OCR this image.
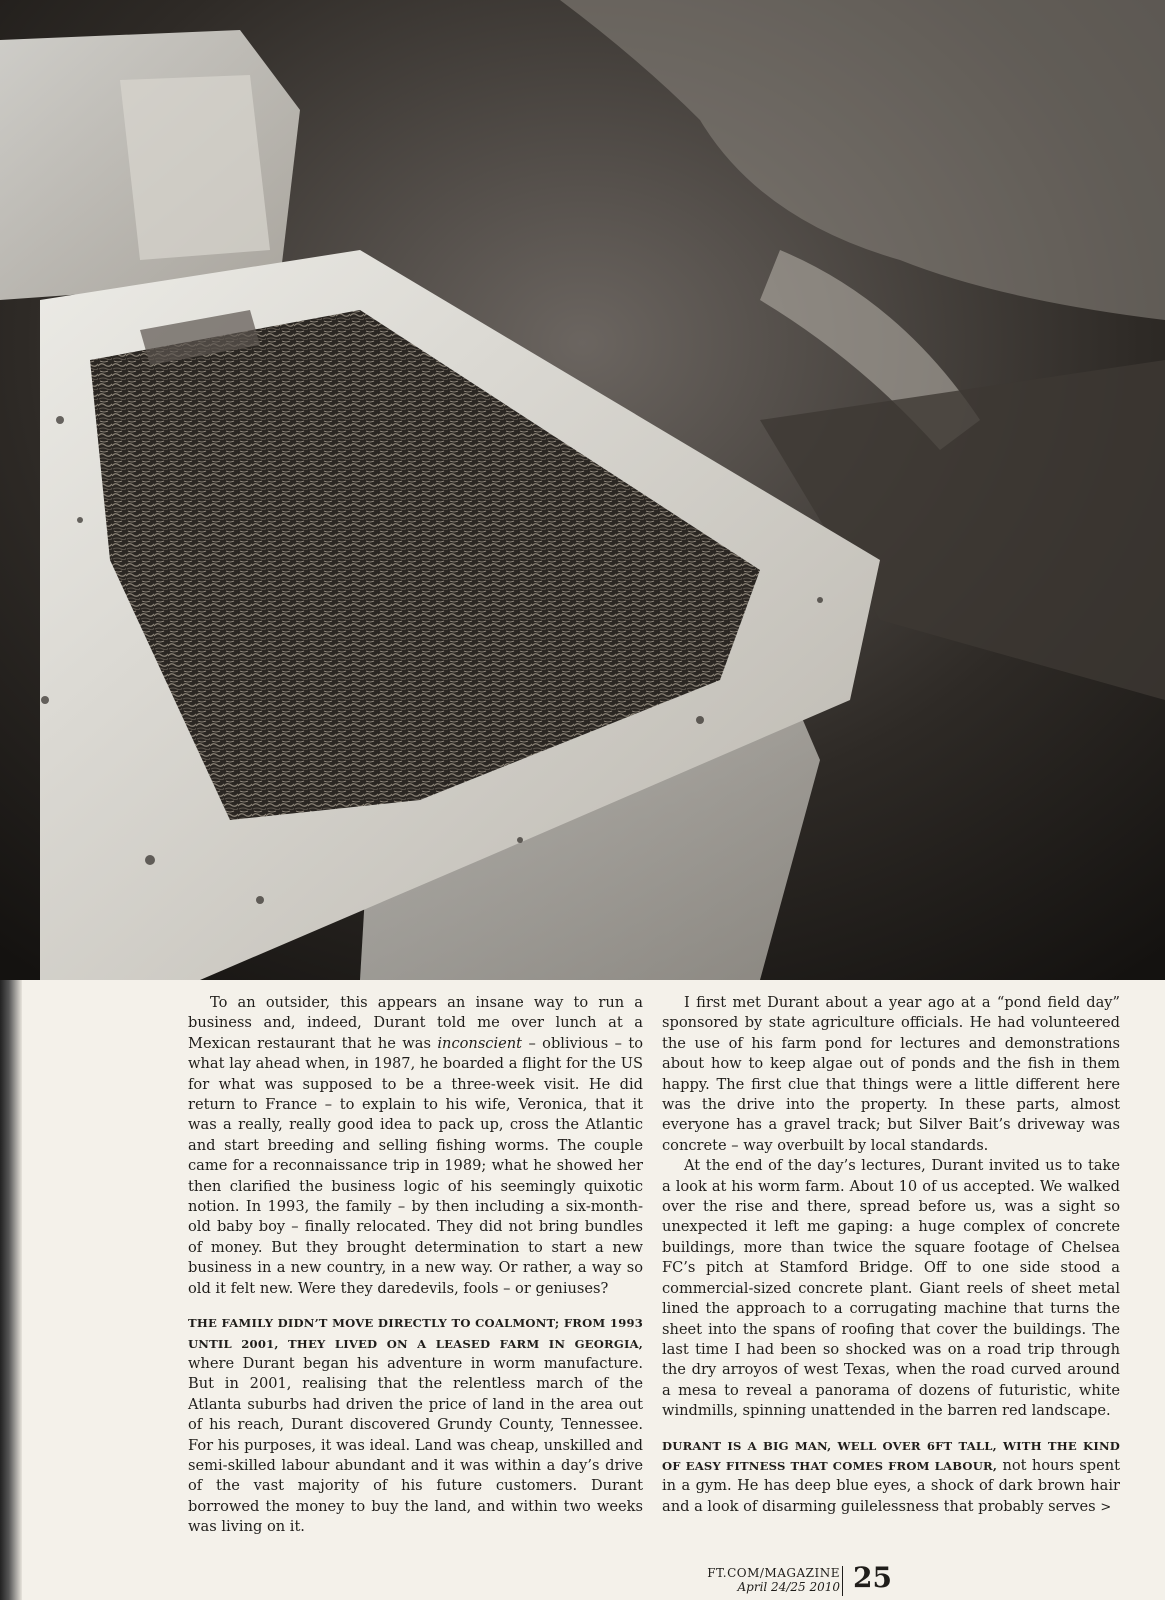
To an outsider, this appears an insane way to run a business and, indeed, Durant told me over lunch at a Mexican restaurant that he was inconscient – oblivious – to what lay ahead when, in 1987, he boarded a flight for the US for what was supposed to be a three-week visit. He did return to France – to explain to his wife, Veronica, that it was a really, really good idea to pack up, cross the Atlantic and start breeding and selling fishing worms. The couple came for a reconnaissance trip in 1989; what he showed her then clarified the business logic of his seemingly quixotic notion. In 1993, the family – by then including a six-month-old baby boy – finally relocated. They did not bring bundles of money. But they brought determination to start a new business in a new country, in a new way. Or rather, a way so old it felt new. Were they daredevils, fools – or geniuses?

THE FAMILY DIDN’T MOVE DIRECTLY TO COALMONT; FROM 1993 UNTIL 2001, THEY LIVED ON A LEASED FARM IN GEORGIA, where Durant began his adventure in worm manufacture. But in 2001, realising that the relentless march of the Atlanta suburbs had driven the price of land in the area out of his reach, Durant discovered Grundy County, Tennessee. For his purposes, it was ideal. Land was cheap, unskilled and semi-skilled labour abundant and it was within a day’s drive of the vast majority of his future customers. Durant borrowed the money to buy the land, and within two weeks was living on it.

I first met Durant about a year ago at a “pond field day” sponsored by state agriculture officials. He had volunteered the use of his farm pond for lectures and demonstrations about how to keep algae out of ponds and the fish in them happy. The first clue that things were a little different here was the drive into the property. In these parts, almost everyone has a gravel track; but Silver Bait’s driveway was concrete – way overbuilt by local standards.

At the end of the day’s lectures, Durant invited us to take a look at his worm farm. About 10 of us accepted. We walked over the rise and there, spread before us, was a sight so unexpected it left me gaping: a huge complex of concrete buildings, more than twice the square footage of Chelsea FC’s pitch at Stamford Bridge. Off to one side stood a commercial-sized concrete plant. Giant reels of sheet metal lined the approach to a corrugating machine that turns the sheet into the spans of roofing that cover the buildings. The last time I had been so shocked was on a road trip through the dry arroyos of west Texas, when the road curved around a mesa to reveal a panorama of dozens of futuristic, white windmills, spinning unattended in the barren red landscape.

DURANT IS A BIG MAN, WELL OVER 6FT TALL, WITH THE KIND OF EASY FITNESS THAT COMES FROM LABOUR, not hours spent in a gym. He has deep blue eyes, a shock of dark brown hair and a look of disarming guilelessness that probably serves >

FT.COM/MAGAZINE
April 24/25 2010 25
